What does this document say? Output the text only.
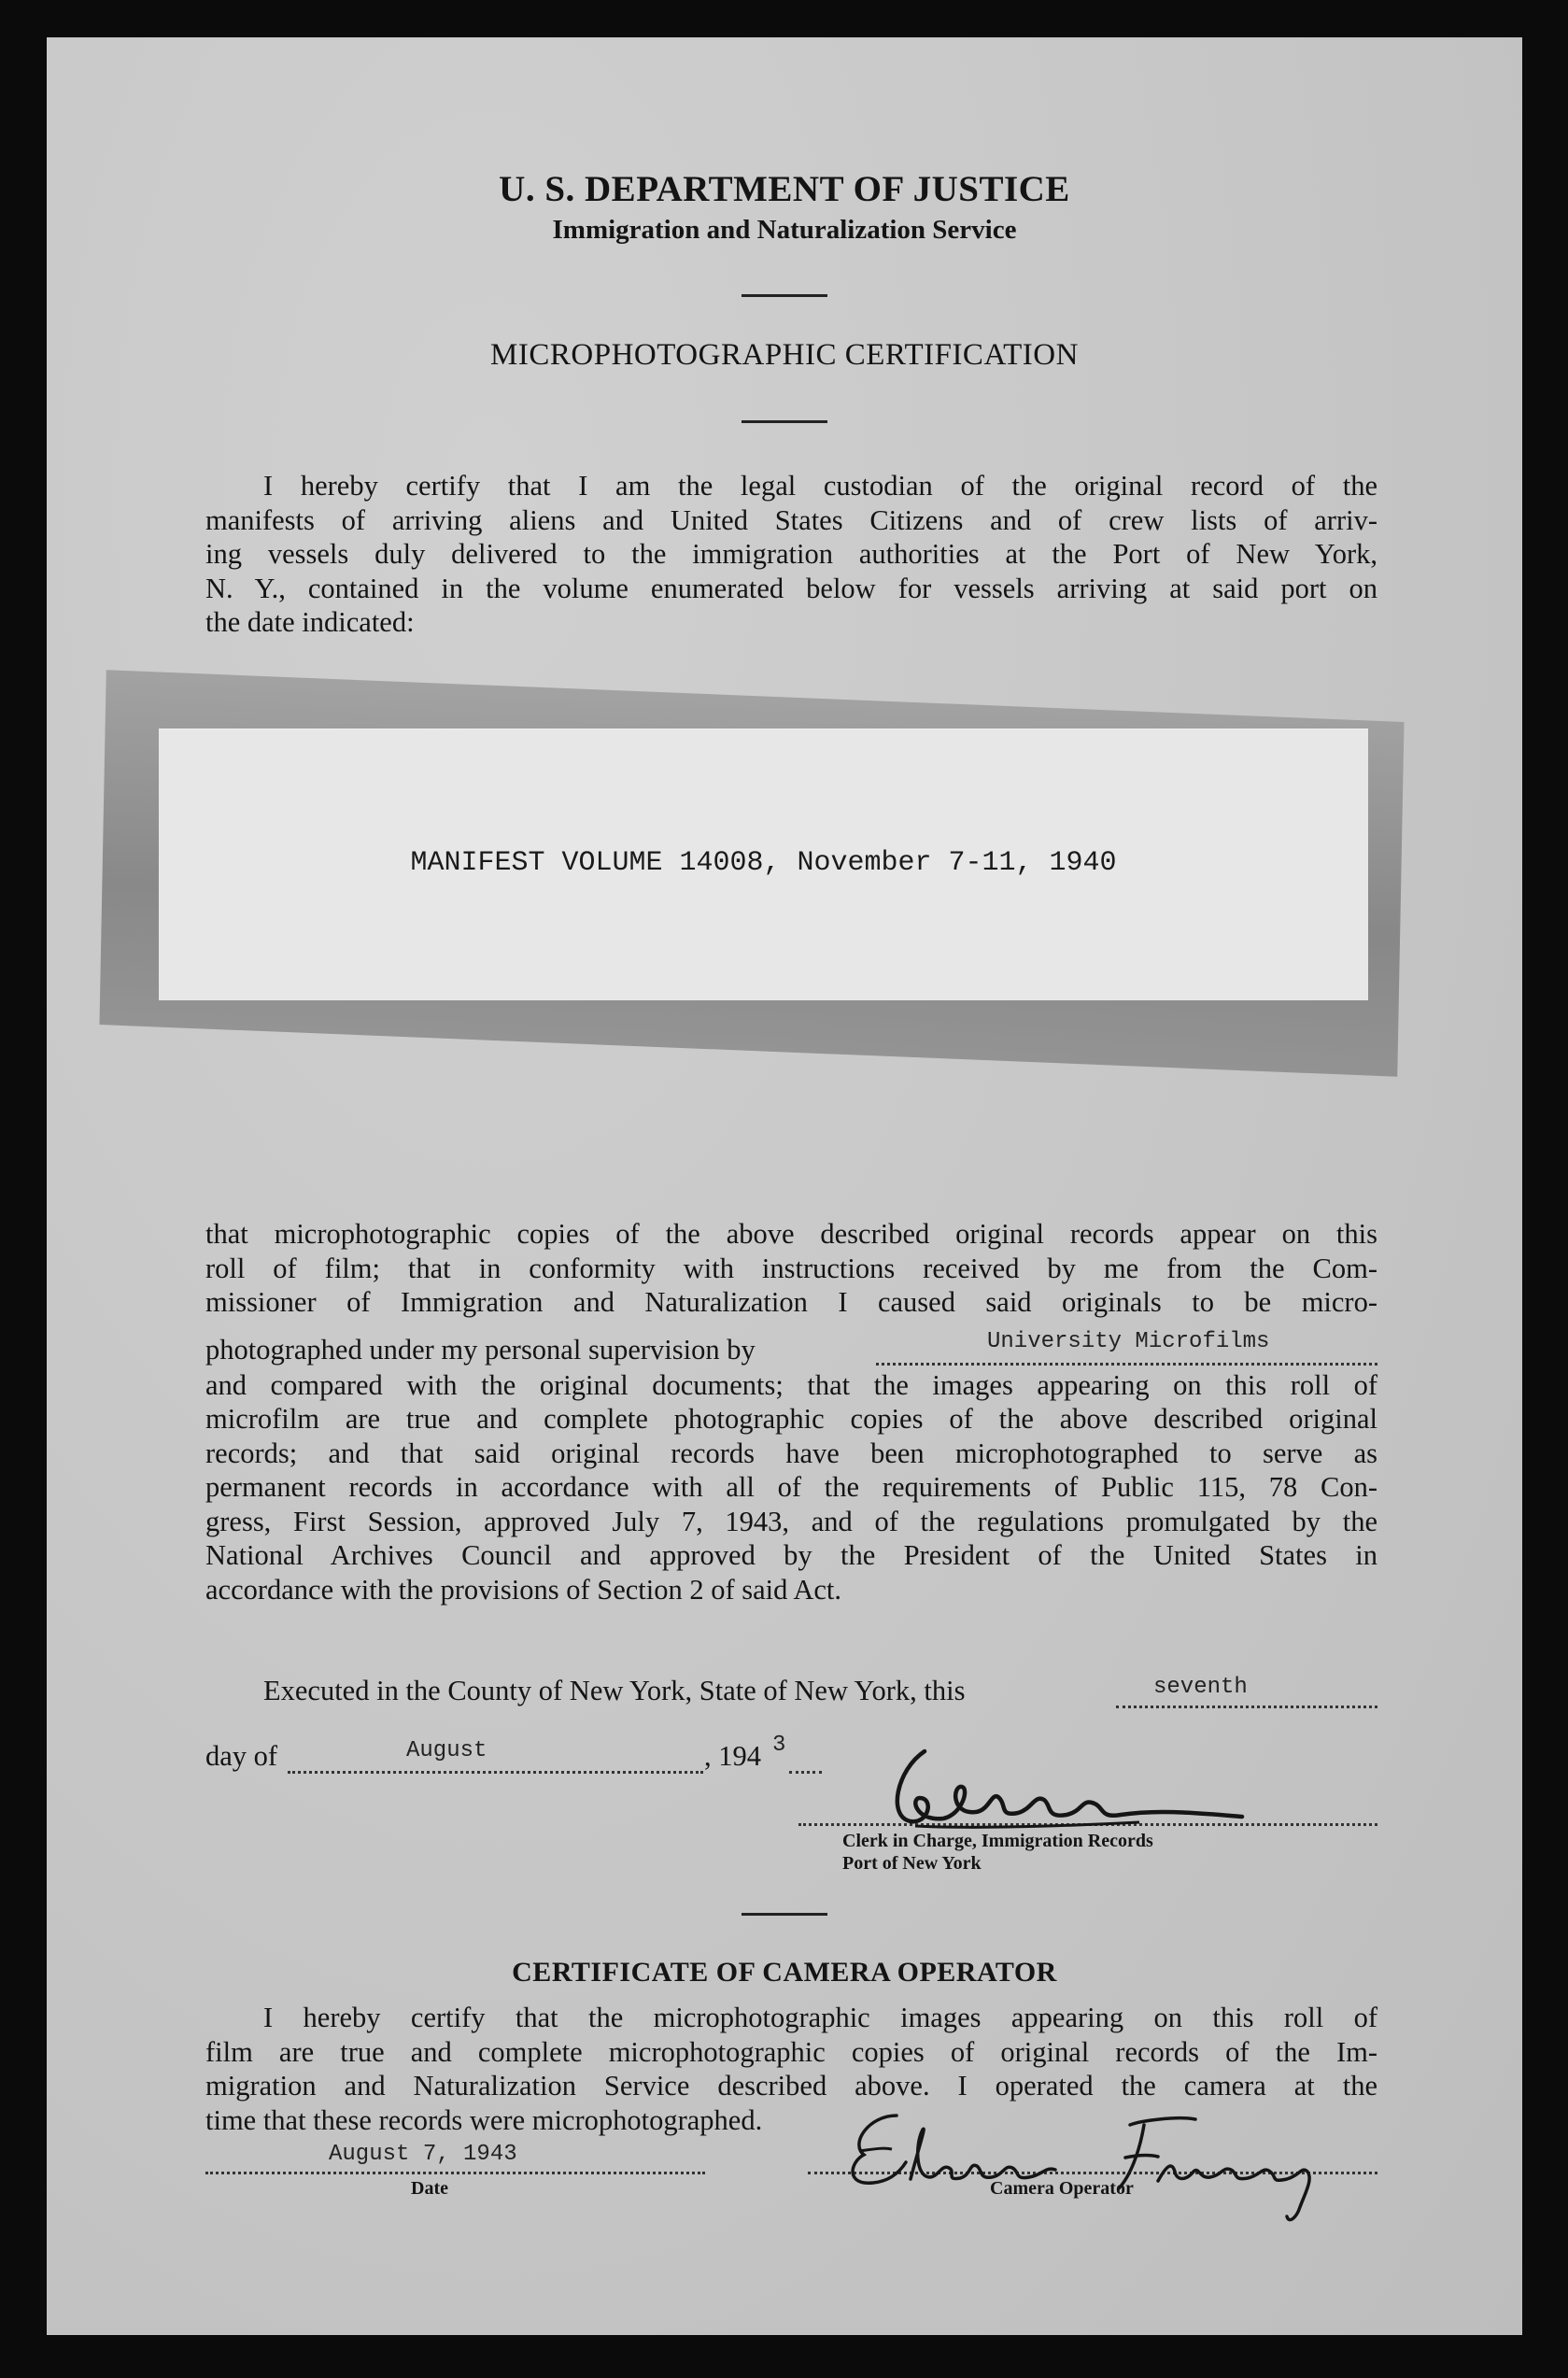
U. S. DEPARTMENT OF JUSTICE
Immigration and Naturalization Service
MICROPHOTOGRAPHIC CERTIFICATION
I hereby certify that I am the legal custodian of the original record of the
manifests of arriving aliens and United States Citizens and of crew lists of arriv-
ing vessels duly delivered to the immigration authorities at the Port of New York,
N. Y., contained in the volume enumerated below for vessels arriving at said port on
the date indicated:
MANIFEST VOLUME 14008, November 7-11, 1940
that microphotographic copies of the above described original records appear on this
roll of film; that in conformity with instructions received by me from the Com-
missioner of Immigration and Naturalization I caused said originals to be micro-
photographed under my personal supervision by	University Microfilms
and compared with the original documents; that the images appearing on this roll of
microfilm are true and complete photographic copies of the above described original
records; and that said original records have been microphotographed to serve as
permanent records in accordance with all of the requirements of Public 115, 78 Con-
gress, First Session, approved July 7, 1943, and of the regulations promulgated by the
National Archives Council and approved by the President of the United States in
accordance with the provisions of Section 2 of said Act.
Executed in the County of New York, State of New York, this	seventh
day of	August	, 194 3
Clerk in Charge, Immigration Records
Port of New York
CERTIFICATE OF CAMERA OPERATOR
I hereby certify that the microphotographic images appearing on this roll of
film are true and complete microphotographic copies of original records of the Im-
migration and Naturalization Service described above. I operated the camera at the
time that these records were microphotographed.
August 7, 1943
Date	Camera Operator
